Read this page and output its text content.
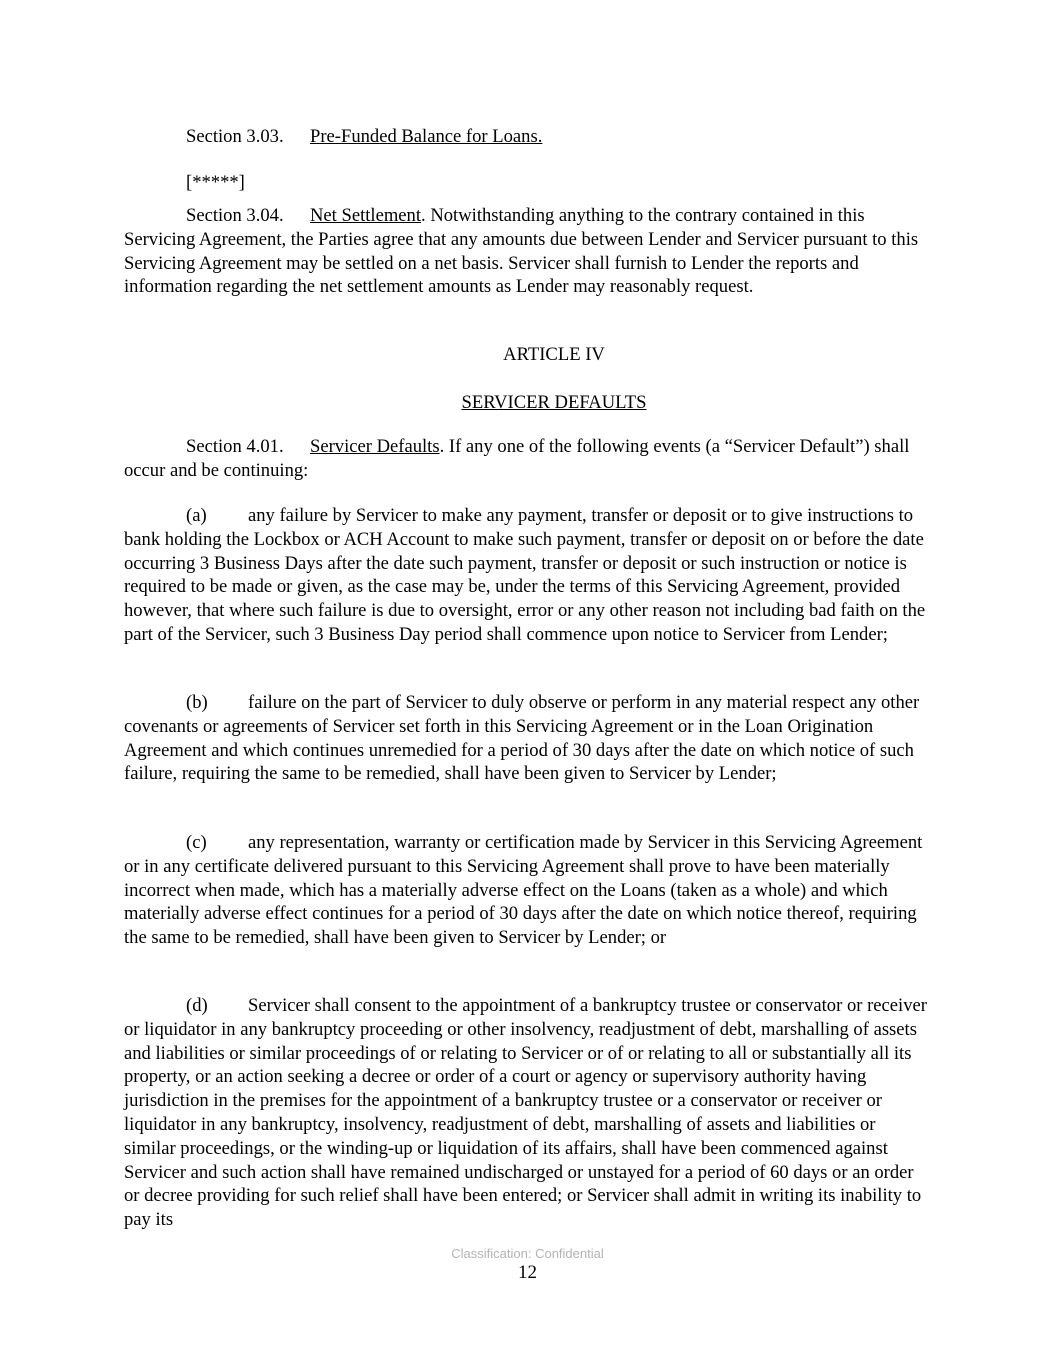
Section 3.03. Pre-Funded Balance for Loans.

[*****]

Section 3.04. Net Settlement. Notwithstanding anything to the contrary contained in this Servicing Agreement, the Parties agree that any amounts due between Lender and Servicer pursuant to this Servicing Agreement may be settled on a net basis. Servicer shall furnish to Lender the reports and information regarding the net settlement amounts as Lender may reasonably request.

ARTICLE IV

SERVICER DEFAULTS

Section 4.01. Servicer Defaults. If any one of the following events (a “Servicer Default”) shall occur and be continuing:

(a) any failure by Servicer to make any payment, transfer or deposit or to give instructions to bank holding the Lockbox or ACH Account to make such payment, transfer or deposit on or before the date occurring 3 Business Days after the date such payment, transfer or deposit or such instruction or notice is required to be made or given, as the case may be, under the terms of this Servicing Agreement, provided however, that where such failure is due to oversight, error or any other reason not including bad faith on the part of the Servicer, such 3 Business Day period shall commence upon notice to Servicer from Lender;

(b) failure on the part of Servicer to duly observe or perform in any material respect any other covenants or agreements of Servicer set forth in this Servicing Agreement or in the Loan Origination Agreement and which continues unremedied for a period of 30 days after the date on which notice of such failure, requiring the same to be remedied, shall have been given to Servicer by Lender;

(c) any representation, warranty or certification made by Servicer in this Servicing Agreement or in any certificate delivered pursuant to this Servicing Agreement shall prove to have been materially incorrect when made, which has a materially adverse effect on the Loans (taken as a whole) and which materially adverse effect continues for a period of 30 days after the date on which notice thereof, requiring the same to be remedied, shall have been given to Servicer by Lender; or

(d) Servicer shall consent to the appointment of a bankruptcy trustee or conservator or receiver or liquidator in any bankruptcy proceeding or other insolvency, readjustment of debt, marshalling of assets and liabilities or similar proceedings of or relating to Servicer or of or relating to all or substantially all its property, or an action seeking a decree or order of a court or agency or supervisory authority having jurisdiction in the premises for the appointment of a bankruptcy trustee or a conservator or receiver or liquidator in any bankruptcy, insolvency, readjustment of debt, marshalling of assets and liabilities or similar proceedings, or the winding-up or liquidation of its affairs, shall have been commenced against Servicer and such action shall have remained undischarged or unstayed for a period of 60 days or an order or decree providing for such relief shall have been entered; or Servicer shall admit in writing its inability to pay its

Classification: Confidential
12
